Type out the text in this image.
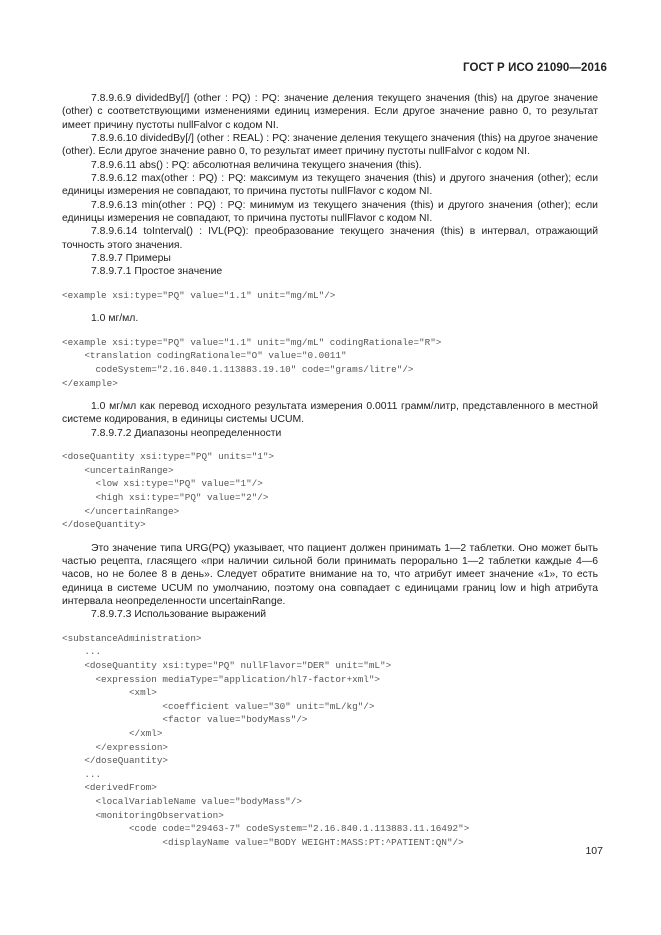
ГОСТ Р ИСО 21090—2016

7.8.9.6.9 dividedBy[/] (other : PQ) : PQ: значение деления текущего значения (this) на другое значение (other) с соответствующими изменениями единиц измерения. Если другое значение равно 0, то результат имеет причину пустоты nullFalvor с кодом NI.

7.8.9.6.10 dividedBy[/] (other : REAL) : PQ: значение деления текущего значения (this) на другое значение (other). Если другое значение равно 0, то результат имеет причину пустоты nullFalvor с кодом NI.

7.8.9.6.11 abs() : PQ: абсолютная величина текущего значения (this).

7.8.9.6.12 max(other : PQ) : PQ: максимум из текущего значения (this) и другого значения (other); если единицы измерения не совпадают, то причина пустоты nullFlavor с кодом NI.

7.8.9.6.13 min(other : PQ) : PQ: минимум из текущего значения (this) и другого значения (other); если единицы измерения не совпадают, то причина пустоты nullFlavor с кодом NI.

7.8.9.6.14 toInterval() : IVL(PQ): преобразование текущего значения (this) в интервал, отражающий точность этого значения.

7.8.9.7 Примеры

7.8.9.7.1 Простое значение

<example xsi:type="PQ" value="1.1" unit="mg/mL"/>

1.0 мг/мл.

<example xsi:type="PQ" value="1.1" unit="mg/mL" codingRationale="R">
<translation codingRationale="O" value="0.0011"
codeSystem="2.16.840.1.113883.19.10" code="grams/litre"/>
</example>

1.0 мг/мл как перевод исходного результата измерения 0.0011 грамм/литр, представленного в местной системе кодирования, в единицы системы UCUM.

7.8.9.7.2 Диапазоны неопределенности

<doseQuantity xsi:type="PQ" units="1">
<uncertainRange>
<low xsi:type="PQ" value="1"/>
<high xsi:type="PQ" value="2"/>
</uncertainRange>
</doseQuantity>

Это значение типа URG(PQ) указывает, что пациент должен принимать 1—2 таблетки. Оно может быть частью рецепта, гласящего «при наличии сильной боли принимать перорально 1—2 таблетки каждые 4—6 часов, но не более 8 в день». Следует обратите внимание на то, что атрибут имеет значение «1», то есть единица в системе UCUM по умолчанию, поэтому она совпадает с единицами границ low и high атрибута интервала неопределенности uncertainRange.

7.8.9.7.3 Использование выражений

<substanceAdministration>
...
<doseQuantity xsi:type="PQ" nullFlavor="DER" unit="mL">
<expression mediaType="application/hl7-factor+xml">
<xml>
<coefficient value="30" unit="mL/kg"/>
<factor value="bodyMass"/>
</xml>
</expression>
</doseQuantity>
...
<derivedFrom>
<localVariableName value="bodyMass"/>
<monitoringObservation>
<code code="29463-7" codeSystem="2.16.840.1.113883.11.16492">
<displayName value="BODY WEIGHT:MASS:PT:^PATIENT:QN"/>
107
